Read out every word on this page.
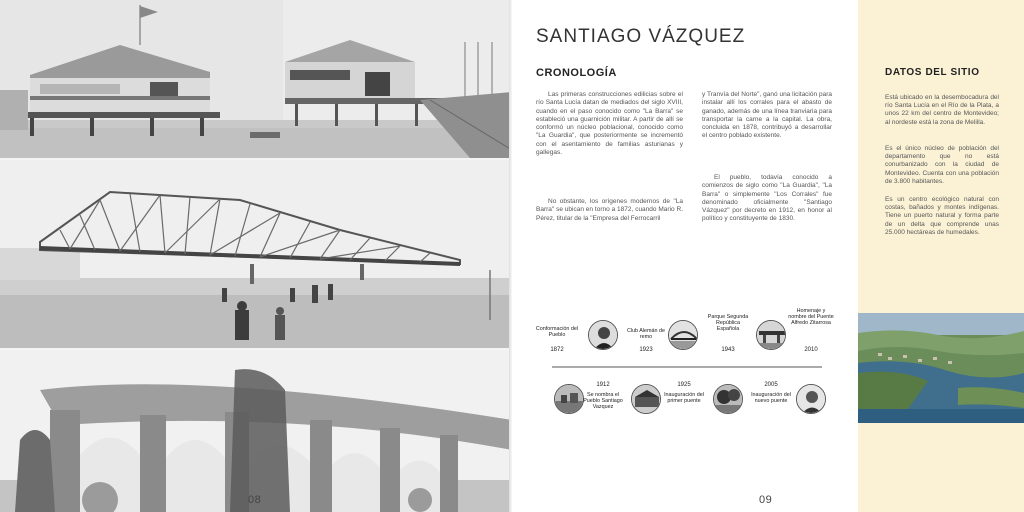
08
SANTIAGO VÁZQUEZ
CRONOLOGÍA

Las primeras construcciones edilicias sobre el río Santa Lucía datan de mediados del siglo XVIII, cuando en el paso conocido como "La Barra" se estableció una guarnición militar. A partir de allí se conformó un núcleo poblacional, conocido como "La Guardia", que posteriormente se incrementó con el asentamiento de familias asturianas y gallegas.

No obstante, los orígenes modernos de "La Barra" se ubican en torno a 1872, cuando Mario R. Pérez, titular de la "Empresa del Ferrocarril

y Tranvía del Norte", ganó una licitación para instalar allí los corrales para el abasto de ganado, además de una línea tranviaria para transportar la carne a la capital. La obra, concluida en 1878, contribuyó a desarrollar el centro poblado existente.

El pueblo, todavía conocido a comienzos de siglo como "La Guardia", "La Barra" o simplemente "Los Corrales" fue denominado oficialmente "Santiago Vázquez" por decreto en 1912, en honor al político y constituyente de 1830.

Conformación del Pueblo
1872
1912
Se nombra el Pueblo Santiago Vazquez
Club Alemán de remo
1923
1925
Inauguración del primer puente
Parque Segunda República Española
1943
2005
Inauguración del nuevo puente
Homenaje y nombre del Puente Alfredo Zitarrosa
2010
09
DATOS DEL SITIO

Está ubicado en la desembocadura del río Santa Lucía en el Río de la Plata, a unos 22 km del centro de Montevideo; al nordeste está la zona de Melilla.

Es el único núcleo de población del departamento que no está conurbanizado con la ciudad de Montevideo. Cuenta con una población de 3.800 habitantes.

Es un centro ecológico natural con costas, bañados y montes indígenas. Tiene un puerto natural y forma parte de un delta que comprende unas 25.000 hectáreas de humedales.
